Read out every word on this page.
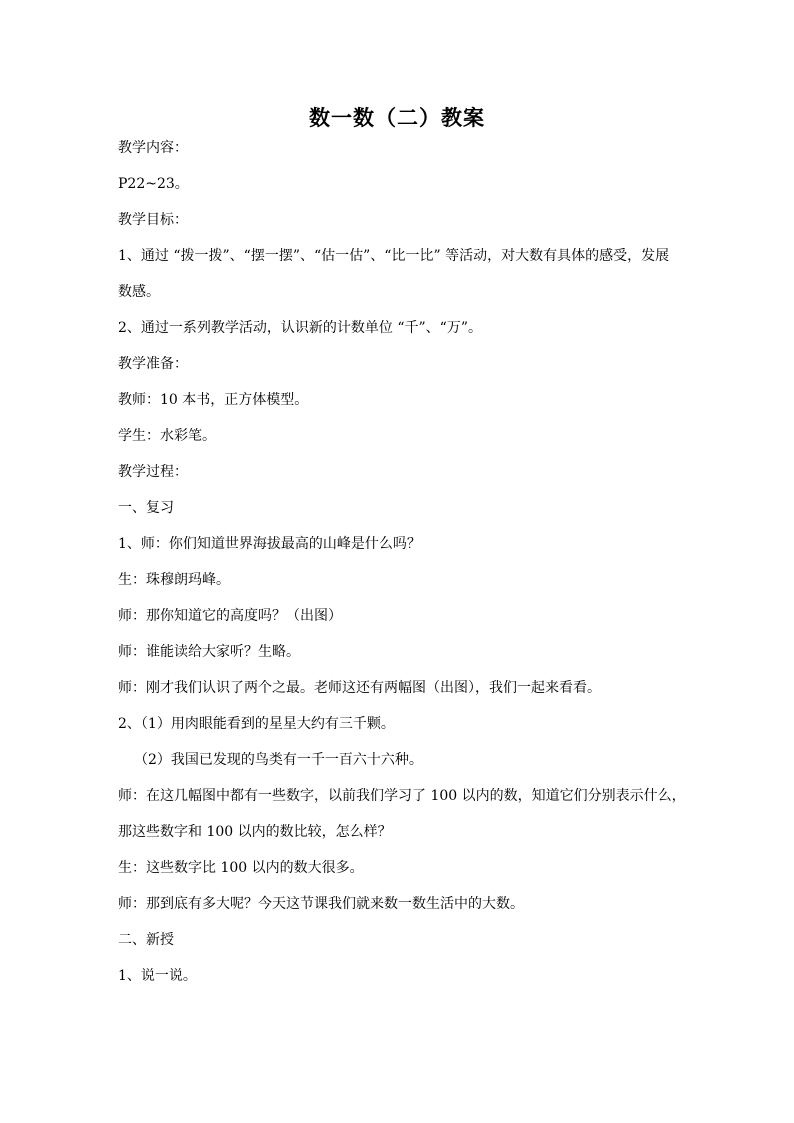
数一数（二）教案
教学内容：
P22~23。
教学目标：
1、通过 “拨一拨”、“摆一摆”、“估一估”、“比一比” 等活动，对大数有具体的感受，发展
数感。
2、通过一系列教学活动，认识新的计数单位 “千”、“万”。
教学准备：
教师：10 本书，正方体模型。
学生：水彩笔。
教学过程：
一、复习
1、师：你们知道世界海拔最高的山峰是什么吗？
生：珠穆朗玛峰。
师：那你知道它的高度吗？（出图）
师：谁能读给大家听？生略。
师：刚才我们认识了两个之最。老师这还有两幅图（出图），我们一起来看看。
2、（1）用肉眼能看到的星星大约有三千颗。
（2）我国已发现的鸟类有一千一百六十六种。
师：在这几幅图中都有一些数字，以前我们学习了 100 以内的数，知道它们分别表示什么，
那这些数字和 100 以内的数比较，怎么样？
生：这些数字比 100 以内的数大很多。
师：那到底有多大呢？今天这节课我们就来数一数生活中的大数。
二、新授
1、说一说。
